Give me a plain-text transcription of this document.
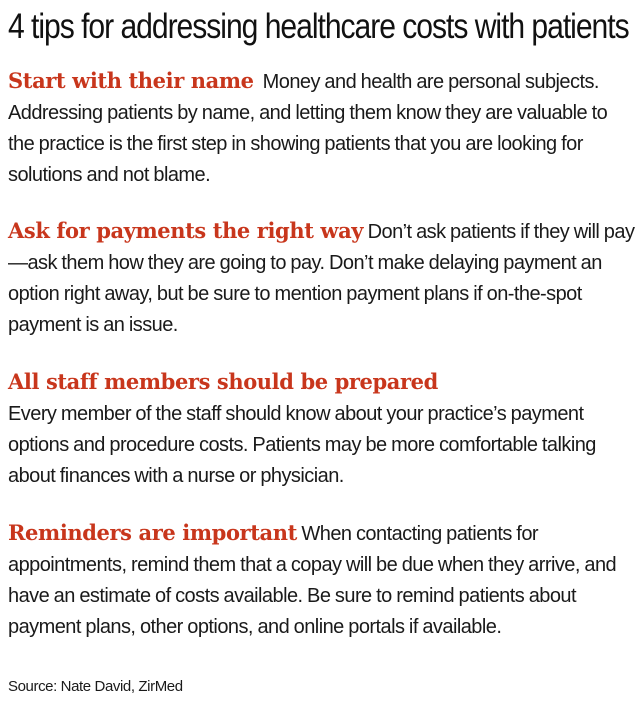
4 tips for addressing healthcare costs with patients

Start with their name Money and health are personal subjects. Addressing patients by name, and letting them know they are valuable to the practice is the first step in showing patients that you are looking for solutions and not blame.

Ask for payments the right way Don’t ask patients if they will pay—ask them how they are going to pay. Don’t make delaying payment an option right away, but be sure to mention payment plans if on-the-spot payment is an issue.

All staff members should be prepared
Every member of the staff should know about your practice’s payment options and procedure costs. Patients may be more comfortable talking about finances with a nurse or physician.

Reminders are important When contacting patients for appointments, remind them that a copay will be due when they arrive, and have an estimate of costs available. Be sure to remind patients about payment plans, other options, and online portals if available.

Source: Nate David, ZirMed
